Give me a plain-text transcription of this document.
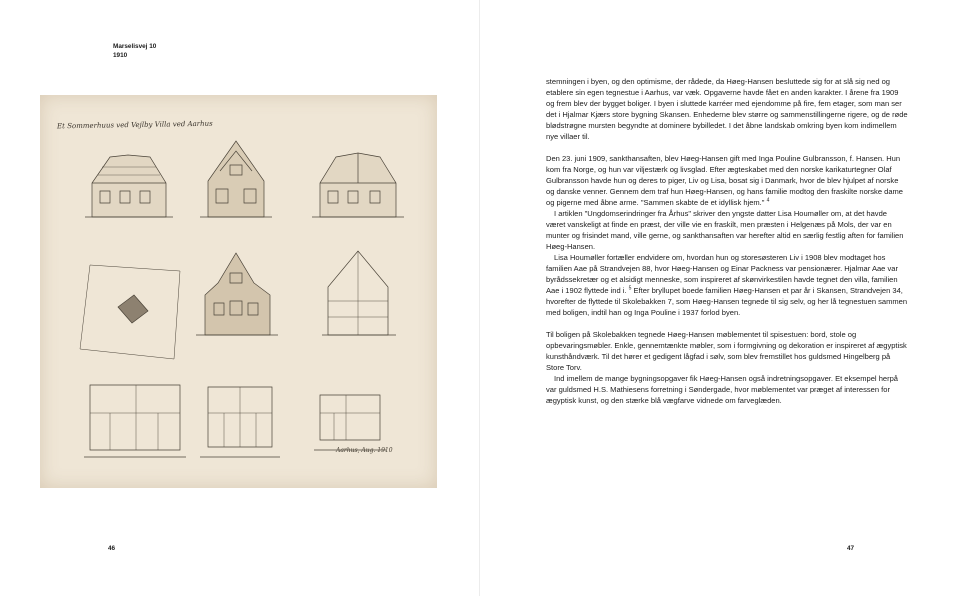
Marselisvej 10
1910
Et Sommerhuus ved Vejlby Villa ved Aarhus
Aarhus, Aug. 1910
46

stemningen i byen, og den optimisme, der rådede, da Høeg-Hansen besluttede sig for at slå sig ned og etablere sin egen tegnestue i Aarhus, var væk. Opgaverne havde fået en anden karakter. I årene fra 1909 og frem blev der bygget boliger. I byen i sluttede karréer med ejendomme på fire, fem etager, som man ser det i Hjalmar Kjærs store bygning Skansen. Enhederne blev større og sammenstillingerne rigere, og de røde blødstrøgne mursten begyndte at dominere bybilledet. I det åbne landskab omkring byen kom indimellem nye villaer til.

Den 23. juni 1909, sankthansaften, blev Høeg-Hansen gift med Inga Pouline Gulbransson, f. Hansen. Hun kom fra Norge, og hun var viljestærk og livsglad. Efter ægteskabet med den norske karikaturtegner Olaf Gulbransson havde hun og deres to piger, Liv og Lisa, bosat sig i Danmark, hvor de blev hjulpet af norske og danske venner. Gennem dem traf hun Høeg-Hansen, og hans familie modtog den fraskilte norske dame og pigerne med åbne arme. "Sammen skabte de et idyllisk hjem." $^4$

I artiklen "Ungdomserindringer fra Århus" skriver den yngste datter Lisa Houmøller om, at det havde været vanskeligt at finde en præst, der ville vie en fraskilt, men præsten i Helgenæs på Mols, der var en munter og frisindet mand, ville gerne, og sankthansaften var herefter altid en særlig festlig aften for familien Høeg-Hansen.

Lisa Houmøller fortæller endvidere om, hvordan hun og storesøsteren Liv i 1908 blev modtaget hos familien Aae på Strandvejen 88, hvor Høeg-Hansen og Einar Packness var pensionærer. Hjalmar Aae var byrådssekretær og et alsidigt menneske, som inspireret af skønvirkestilen havde tegnet den villa, familien Aae i 1902 flyttede ind i. $^5$ Efter bryllupet boede familien Høeg-Hansen et par år i Skansen, Strandvejen 34, hvorefter de flyttede til Skolebakken 7, som Høeg-Hansen tegnede til sig selv, og her lå tegnestuen sammen med boligen, indtil han og Inga Pouline i 1937 forlod byen.

Til boligen på Skolebakken tegnede Høeg-Hansen møblementet til spisestuen: bord, stole og opbevaringsmøbler. Enkle, gennemtænkte møbler, som i formgivning og dekoration er inspireret af ægyptisk kunsthåndværk. Til det hører et gedigent lågfad i sølv, som blev fremstillet hos guldsmed Hingelberg på Store Torv.

Ind imellem de mange bygningsopgaver fik Høeg-Hansen også indretningsopgaver. Et eksempel herpå var guldsmed H.S. Mathiesens forretning i Søndergade, hvor møblementet var præget af interessen for ægyptisk kunst, og den stærke blå vægfarve vidnede om farveglæden.

47
